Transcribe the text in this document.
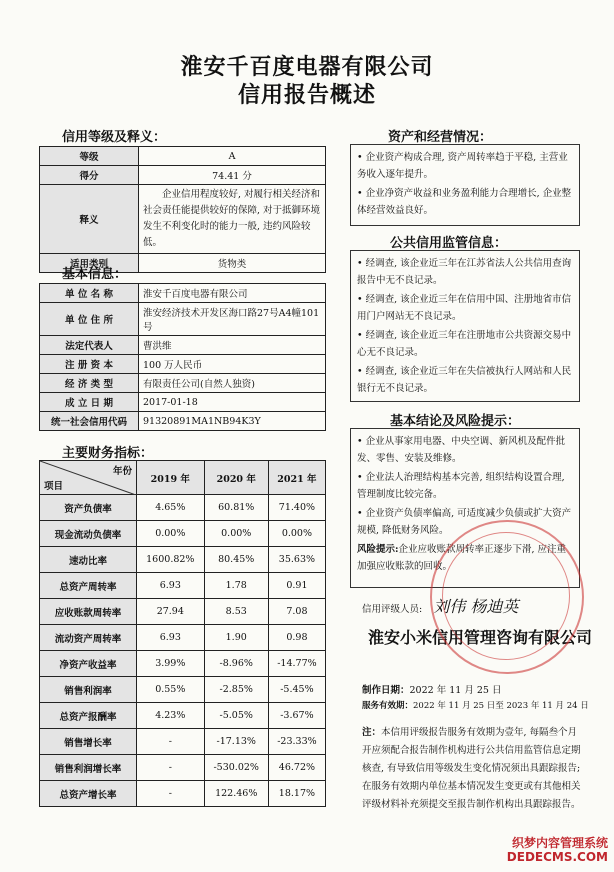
淮安千百度电器有限公司
信用报告概述
信用等级及释义：
等级	A
得分	74.41 分
释义	企业信用程度较好, 对履行相关经济和社会责任能提供较好的保障, 对于抵御环境发生不利变化时的能力一般, 违约风险较低。
适用类别	货物类
基本信息：
单 位 名 称	淮安千百度电器有限公司
单 位 住 所	淮安经济技术开发区海口路27号A4幢101号
法定代表人	曹洪维
注 册 资 本	100 万人民币
经 济 类 型	有限责任公司(自然人独资)
成 立 日 期	2017-01-18
统一社会信用代码	91320891MA1NB94K3Y
主要财务指标：
年份
项目	2019 年	2020 年	2021 年
资产负债率	4.65%	60.81%	71.40%
现金流动负债率	0.00%	0.00%	0.00%
速动比率	1600.82%	80.45%	35.63%
总资产周转率	6.93	1.78	0.91
应收账款周转率	27.94	8.53	7.08
流动资产周转率	6.93	1.90	0.98
净资产收益率	3.99%	-8.96%	-14.77%
销售利润率	0.55%	-2.85%	-5.45%
总资产报酬率	4.23%	-5.05%	-3.67%
销售增长率	-	-17.13%	-23.33%
销售利润增长率	-	-530.02%	46.72%
总资产增长率	-	122.46%	18.17%
资产和经营情况：

• 企业资产构成合理, 资产周转率趋于平稳, 主营业务收入逐年提升。

• 企业净资产收益和业务盈利能力合理增长, 企业整体经营效益良好。

公共信用监管信息：

• 经调查, 该企业近三年在江苏省法人公共信用查询报告中无不良记录。

• 经调查, 该企业近三年在信用中国、注册地省市信用门户网站无不良记录。

• 经调查, 该企业近三年在注册地市公共资源交易中心无不良记录。

• 经调查, 该企业近三年在失信被执行人网站和人民银行无不良记录。

基本结论及风险提示：

• 企业从事家用电器、中央空调、新风机及配件批发、零售、安装及维修。

• 企业法人治理结构基本完善, 组织结构设置合理, 管理制度比较完备。

• 企业资产负债率偏高, 可适度减少负债或扩大资产规模, 降低财务风险。

风险提示:企业应收账款周转率正逐步下滑, 应注重加强应收账款的回收。

信用评级人员: 刘伟 杨迪英
淮安小米信用管理咨询有限公司
制作日期：2022 年 11 月 25 日
服务有效期：2022 年 11 月 25 日至 2023 年 11 月 24 日
注：本信用评级报告服务有效期为壹年, 每隔叁个月开应须配合报告制作机构进行公共信用监管信息定期核查, 有导致信用等级发生变化情况须出具跟踪报告; 在服务有效期内单位基本情况发生变更或有其他相关评级材料补充须提交至报告制作机构出具跟踪报告。
织梦内容管理系统 DEDECMS.COM
